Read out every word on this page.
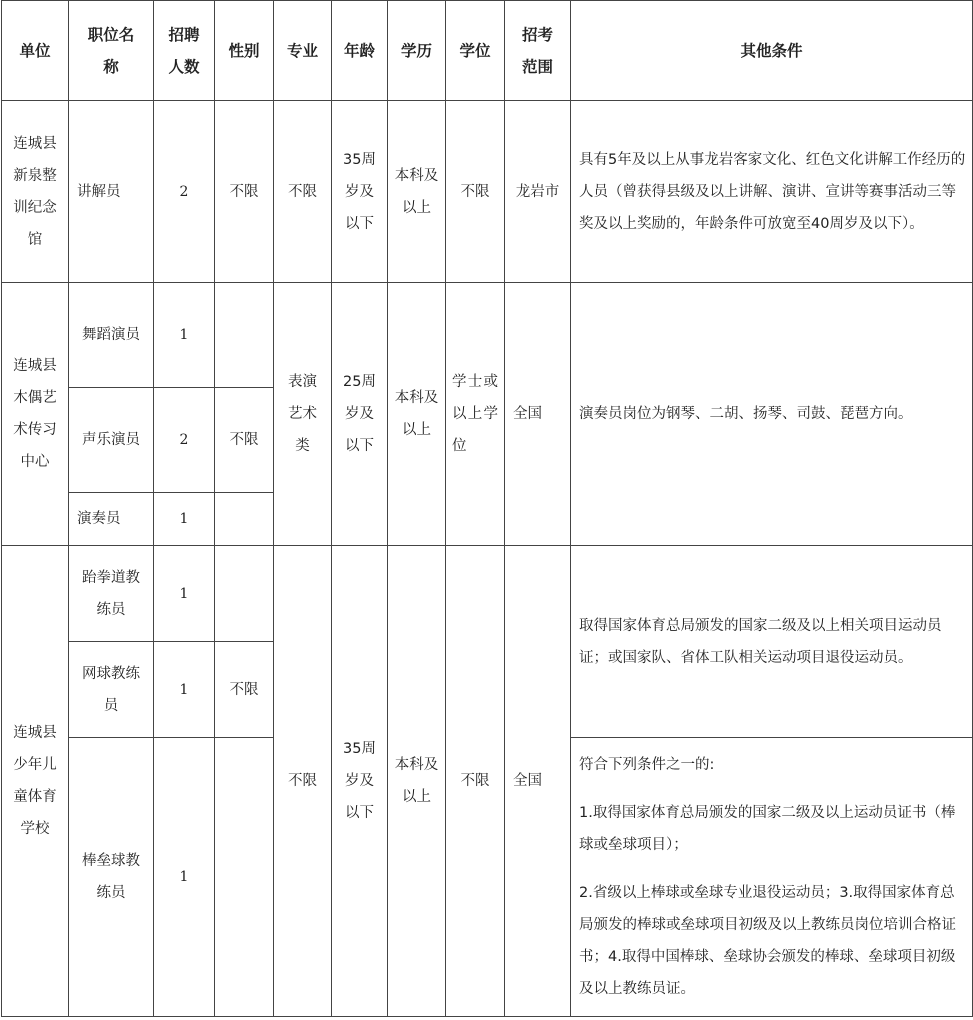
单位	职位名称	招聘人数	性别	专业	年龄	学历	学位	招考范围	其他条件
连城县新泉整训纪念馆	讲解员	2	不限	不限	35周岁及以下	本科及以上	不限	龙岩市	具有5年及以上从事龙岩客家文化、红色文化讲解工作经历的人员（曾获得县级及以上讲解、演讲、宣讲等赛事活动三等奖及以上奖励的，年龄条件可放宽至40周岁及以下）。
连城县木偶艺术传习中心	舞蹈演员	1		表演艺术类	25周岁及以下	本科及以上	学士或以上学位	全国	演奏员岗位为钢琴、二胡、扬琴、司鼓、琵琶方向。
	声乐演员	2	不限						
	演奏员	1							
连城县少年儿童体育学校	跆拳道教练员	1		不限	35周岁及以下	本科及以上	不限	全国	取得国家体育总局颁发的国家二级及以上相关项目运动员证；或国家队、省体工队相关运动项目退役运动员。
	网球教练员	1	不限						
	棒垒球教练员	1							符合下列条件之一的:

1.取得国家体育总局颁发的国家二级及以上运动员证书（棒球或垒球项目）；

2.省级以上棒球或垒球专业退役运动员；3.取得国家体育总局颁发的棒球或垒球项目初级及以上教练员岗位培训合格证书；4.取得中国棒球、垒球协会颁发的棒球、垒球项目初级及以上教练员证。
